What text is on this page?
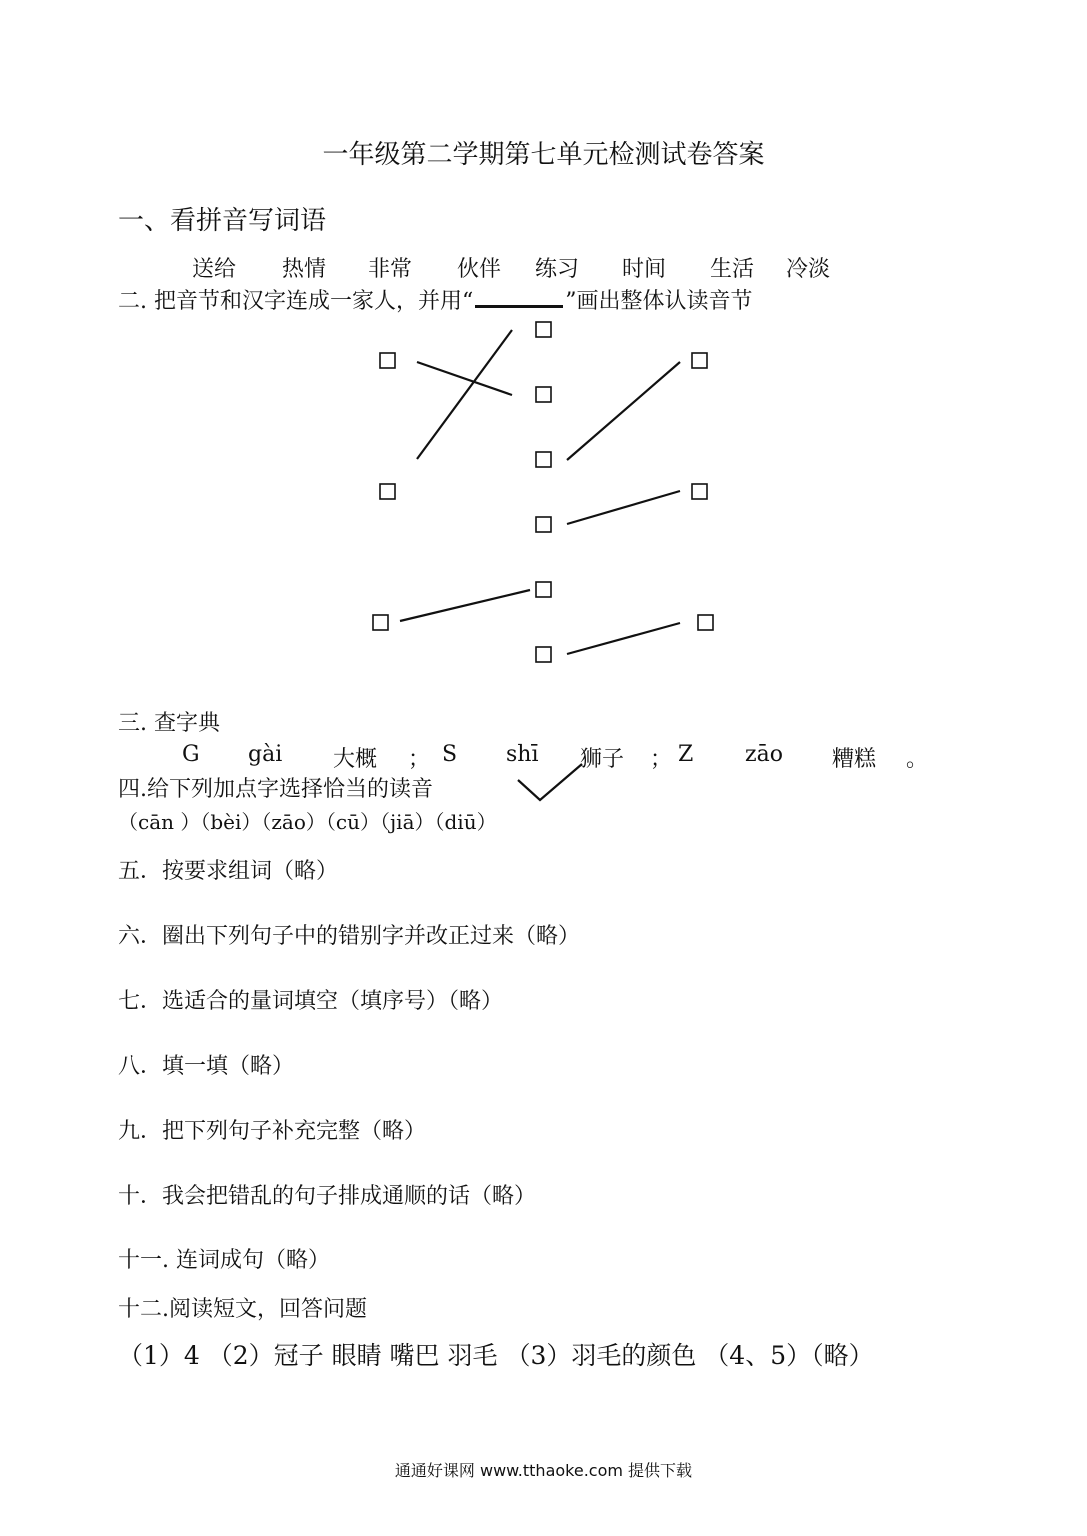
一年级第二学期第七单元检测试卷答案
一、看拼音写词语
送给 热情 非常 伙伴 练习 时间 生活 冷淡
二. 把音节和汉字连成一家人，并用“	”画出整体认读音节
三. 查字典
G gài 大概 ； S shī 狮子 ； Z zāo 糟糕 。
四.给下列加点字选择恰当的读音
（cān ）（bèi）（zāo）（cū）（jiā）（diū）
五．按要求组词（略）
六．圈出下列句子中的错别字并改正过来（略）
七．选适合的量词填空（填序号）（略）
八．填一填（略）
九．把下列句子补充完整（略）
十．我会把错乱的句子排成通顺的话（略）
十一. 连词成句（略）
十二.阅读短文，回答问题
（1）4 （2）冠子 眼睛 嘴巴 羽毛 （3）羽毛的颜色 （4、5）（略）
通通好课网 www.tthaoke.com 提供下载
